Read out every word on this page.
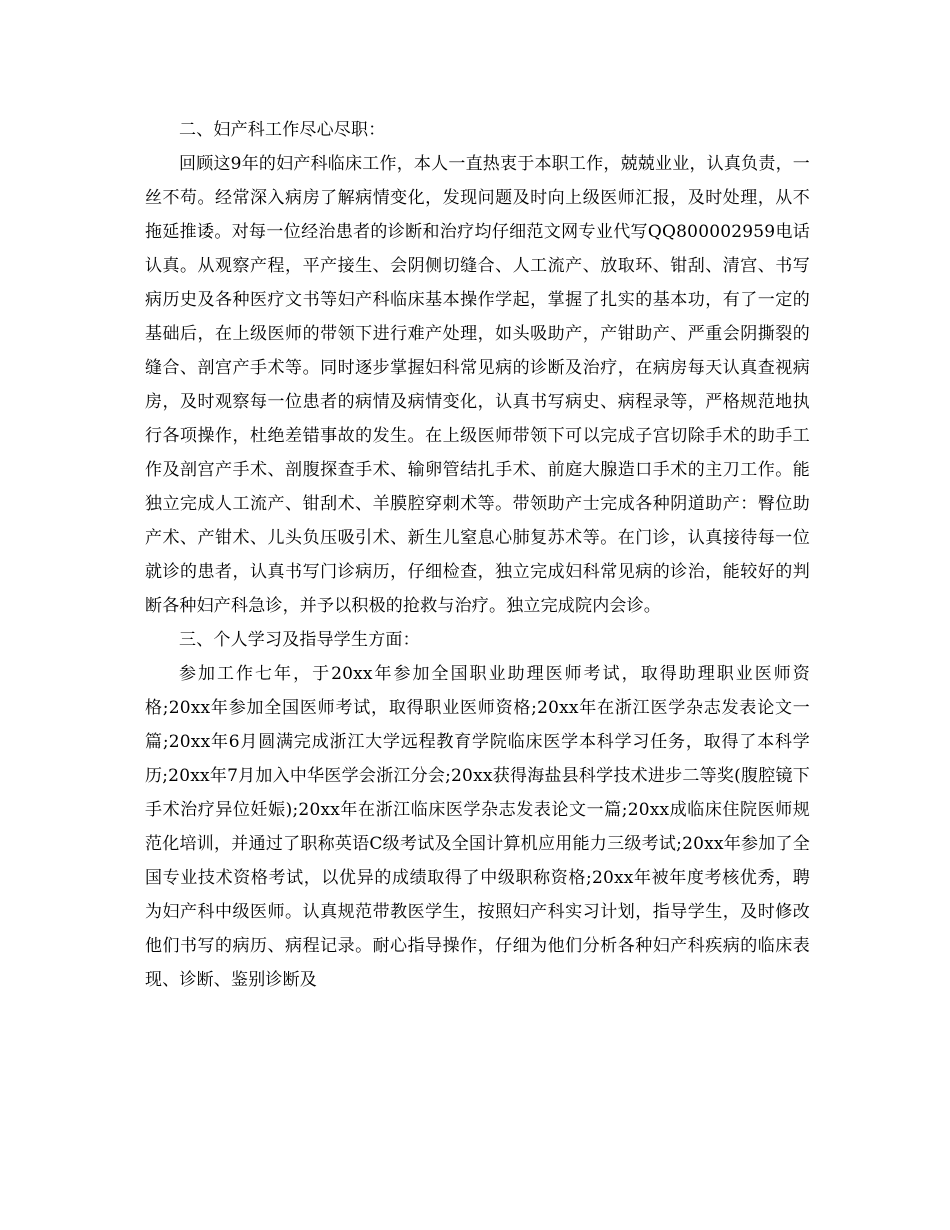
二、妇产科工作尽心尽职：

回顾这9年的妇产科临床工作，本人一直热衷于本职工作，兢兢业业，认真负责，一丝不苟。经常深入病房了解病情变化，发现问题及时向上级医师汇报，及时处理，从不拖延推诿。对每一位经治患者的诊断和治疗均仔细范文网专业代写QQ800002959电话认真。从观察产程，平产接生、会阴侧切缝合、人工流产、放取环、钳刮、清宫、书写病历史及各种医疗文书等妇产科临床基本操作学起，掌握了扎实的基本功，有了一定的基础后，在上级医师的带领下进行难产处理，如头吸助产，产钳助产、严重会阴撕裂的缝合、剖宫产手术等。同时逐步掌握妇科常见病的诊断及治疗，在病房每天认真查视病房，及时观察每一位患者的病情及病情变化，认真书写病史、病程录等，严格规范地执行各项操作，杜绝差错事故的发生。在上级医师带领下可以完成子宫切除手术的助手工作及剖宫产手术、剖腹探查手术、输卵管结扎手术、前庭大腺造口手术的主刀工作。能独立完成人工流产、钳刮术、羊膜腔穿刺术等。带领助产士完成各种阴道助产：臀位助产术、产钳术、儿头负压吸引术、新生儿窒息心肺复苏术等。在门诊，认真接待每一位就诊的患者，认真书写门诊病历，仔细检查，独立完成妇科常见病的诊治，能较好的判断各种妇产科急诊，并予以积极的抢救与治疗。独立完成院内会诊。

三、个人学习及指导学生方面：

参加工作七年，于20xx年参加全国职业助理医师考试，取得助理职业医师资格;20xx年参加全国医师考试，取得职业医师资格;20xx年在浙江医学杂志发表论文一篇;20xx年6月圆满完成浙江大学远程教育学院临床医学本科学习任务，取得了本科学历;20xx年7月加入中华医学会浙江分会;20xx获得海盐县科学技术进步二等奖(腹腔镜下手术治疗异位妊娠);20xx年在浙江临床医学杂志发表论文一篇;20xx成临床住院医师规范化培训，并通过了职称英语C级考试及全国计算机应用能力三级考试;20xx年参加了全国专业技术资格考试，以优异的成绩取得了中级职称资格;20xx年被年度考核优秀，聘为妇产科中级医师。认真规范带教医学生，按照妇产科实习计划，指导学生，及时修改他们书写的病历、病程记录。耐心指导操作，仔细为他们分析各种妇产科疾病的临床表现、诊断、鉴别诊断及
